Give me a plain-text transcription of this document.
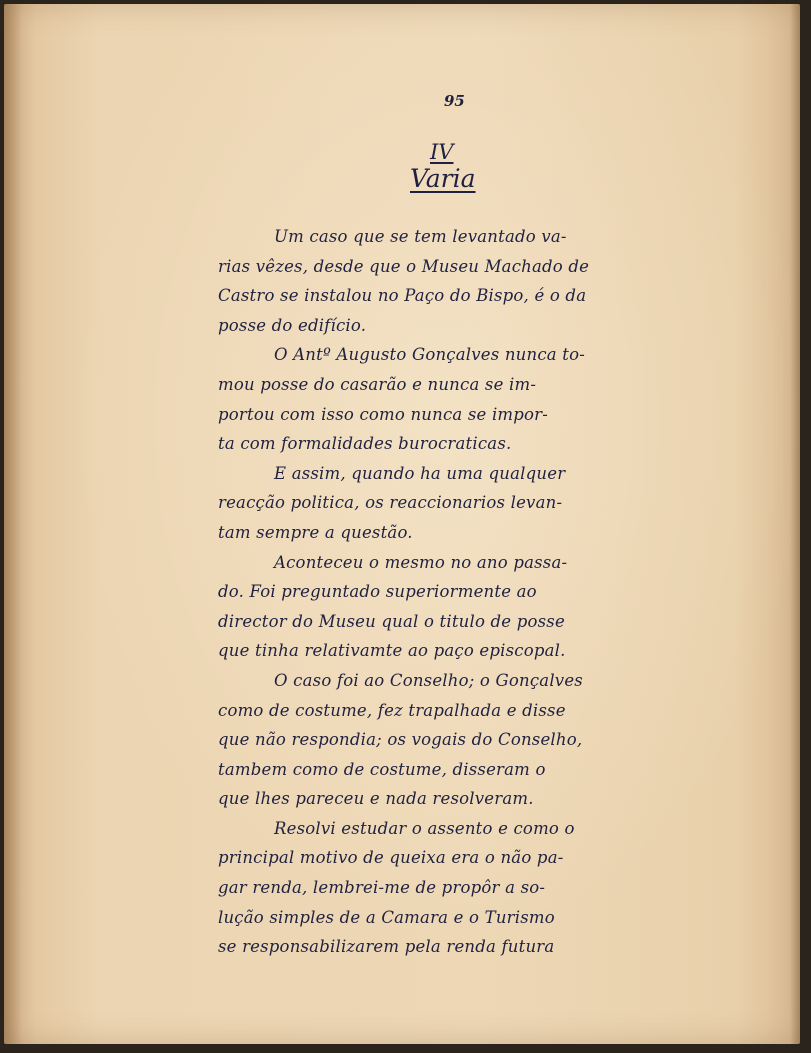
95
IV
Varia
Um caso que se tem levantado va-
rias vêzes, desde que o Museu Machado de
Castro se instalou no Paço do Bispo, é o da
posse do edifício.
O Antº Augusto Gonçalves nunca to-
mou posse do casarão e nunca se im-
portou com isso como nunca se impor-
ta com formalidades burocraticas.
E assim, quando ha uma qualquer
reacção politica, os reaccionarios levan-
tam sempre a questão.
Aconteceu o mesmo no ano passa-
do. Foi preguntado superiormente ao
director do Museu qual o titulo de posse
que tinha relativamte ao paço episcopal.
O caso foi ao Conselho; o Gonçalves
como de costume, fez trapalhada e disse
que não respondia; os vogais do Conselho,
tambem como de costume, disseram o
que lhes pareceu e nada resolveram.
Resolvi estudar o assento e como o
principal motivo de queixa era o não pa-
gar renda, lembrei-me de propôr a so-
lução simples de a Camara e o Turismo
se responsabilizarem pela renda futura
